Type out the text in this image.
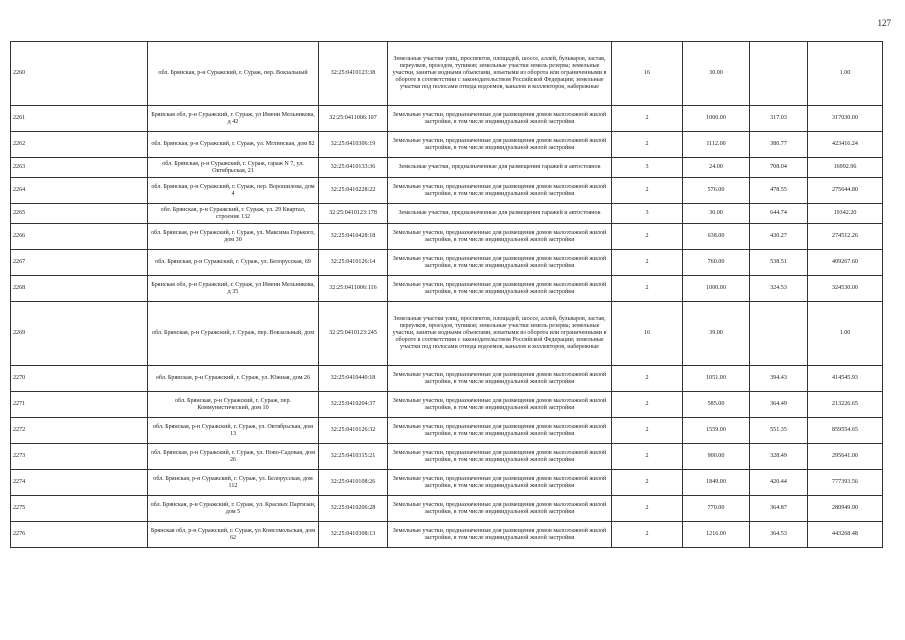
127
2260	обл. Брянская, р-н Суражский, г. Сураж, пер. Вокзальный	32:25:0410123:38	Земельные участки улиц, проспектов, площадей, шоссе, аллей, бульваров, застав, переулков, проездов, тупиков; земельные участки земель резерва; земельные участки, занятые водными объектами, изъятыми из оборота или ограниченными в обороте в соответствии с законодательством Российской Федерации; земельные участки под полосами отвода водоемов, каналов и коллекторов, набережные	16	30.00		1.00
2261	Брянская обл, р-н Суражский, г. Сураж, ул Имени Мельникова, д 42	32:25:0411006:107	Земельные участки, предназначенные для размещения домов малоэтажной жилой застройки, в том числе индивидуальной жилой застройки	2	1000.00	317.03	317030.00
2262	обл. Брянская, р-н Суражский, г. Сураж, ул. Мглинская, дом 82	32:25:0410306:19	Земельные участки, предназначенные для размещения домов малоэтажной жилой застройки, в том числе индивидуальной жилой застройки	2	1112.00	380.77	423416.24
2263	обл. Брянская, р-н Суражский, г. Сураж, гараж N 7, ул. Октябрьская, 21	32:25:0410133:36	Земельные участки, предназначенные для размещения гаражей и автостоянок	3	24.00	708.04	16992.96
2264	обл. Брянская, р-н Суражский, г. Сураж, пер. Ворошилова, дом 4	32:25:0410228:22	Земельные участки, предназначенные для размещения домов малоэтажной жилой застройки, в том числе индивидуальной жилой застройки	2	576.00	478.55	275644.80
2265	обл. Брянская, р-н Суражский, г. Сураж, ул. 29 Квартал, строение 132	32:25:0410123:178	Земельные участки, предназначенные для размещения гаражей и автостоянок	3	30.00	644.74	19342.20
2266	обл. Брянская, р-н Суражский, г. Сураж, ул. Максима Горького, дом 30	32:25:0410428:18	Земельные участки, предназначенные для размещения домов малоэтажной жилой застройки, в том числе индивидуальной жилой застройки	2	638.00	430.27	274512.26
2267	обл. Брянская, р-н Суражский, г. Сураж, ул. Белорусская, 69	32:25:0410126:14	Земельные участки, предназначенные для размещения домов малоэтажной жилой застройки, в том числе индивидуальной жилой застройки	2	760.00	538.51	409267.60
2268	Брянская обл, р-н Суражский, г. Сураж, ул Имени Мельникова, д 35	32:25:0411006:116	Земельные участки, предназначенные для размещения домов малоэтажной жилой застройки, в том числе индивидуальной жилой застройки	2	1000.00	324.53	324530.00
2269	обл. Брянская, р-н Суражский, г. Сураж, пер. Вокзальный, дом	32:25:0410123:245	Земельные участки улиц, проспектов, площадей, шоссе, аллей, бульваров, застав, переулков, проездов, тупиков; земельные участки земель резерва; земельные участки, занятые водными объектами, изъятыми из оборота или ограниченными в обороте в соответствии с законодательством Российской Федерации; земельные участки под полосами отвода водоемов, каналов и коллекторов, набережные	16	39.00		1.00
2270	обл. Брянская, р-н Суражский, г. Сураж, ул. Южная, дом 26	32:25:0410440:18	Земельные участки, предназначенные для размещения домов малоэтажной жилой застройки, в том числе индивидуальной жилой застройки	2	1051.00	394.43	414545.93
2271	обл. Брянская, р-н Суражский, г. Сураж, пер. Коммунистический, дом 10	32:25:0410204:37	Земельные участки, предназначенные для размещения домов малоэтажной жилой застройки, в том числе индивидуальной жилой застройки	2	585.00	364.49	213226.65
2272	обл. Брянская, р-н Суражский, г. Сураж, ул. Октябрьская, дом 13	32:25:0410126:32	Земельные участки, предназначенные для размещения домов малоэтажной жилой застройки, в том числе индивидуальной жилой застройки	2	1559.00	551.35	859554.65
2273	обл. Брянская, р-н Суражский, г. Сураж, ул. Ново-Садовая, дом 26	32:25:0410315:21	Земельные участки, предназначенные для размещения домов малоэтажной жилой застройки, в том числе индивидуальной жилой застройки	2	900.00	328.49	295641.00
2274	обл. Брянская, р-н Суражский, г. Сураж, ул. Белорусская, дом 112	32:25:0410108:26	Земельные участки, предназначенные для размещения домов малоэтажной жилой застройки, в том числе индивидуальной жилой застройки	2	1849.00	420.44	777393.56
2275	обл. Брянская, р-н Суражский, г. Сураж, ул. Красных Партизан, дом 5	32:25:0410206:28	Земельные участки, предназначенные для размещения домов малоэтажной жилой застройки, в том числе индивидуальной жилой застройки	2	770.00	364.87	280949.90
2276	Брянская обл, р-н Суражский, г. Сураж, ул Комсомольская, дом 62	32:25:0410308:13	Земельные участки, предназначенные для размещения домов малоэтажной жилой застройки, в том числе индивидуальной жилой застройки	2	1216.00	364.53	443268.48
